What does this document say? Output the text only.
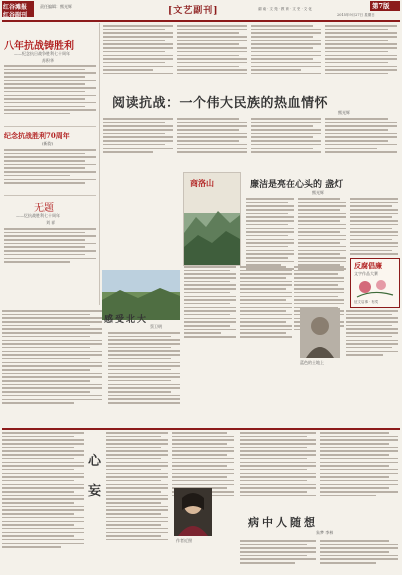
红谷滩报
红谷副刊
责任编辑：熊光辉	[文艺副刊]	湖 南 · 文 苑 · 教 育 · 文 史 · 文 化	第7版
2015年9月27日 星期日
八年抗战铸胜利
——纪念抗日战争胜利七十周年
苏积华
纪念抗战胜利70周年
(新韵)
无题
——忆抗战胜利七十周年
刘 祥
阅读抗战：一个伟大民族的热血情怀
熊光辉
商洛山	廉洁是亮在心头的 盏灯
熊光辉
反腐倡廉
文字作品大赛
征文启事 · 有奖
感受北大
蔡卫明
蓝色的土地上
心
妄
作者近照
病中人随想
朱梦 李林
